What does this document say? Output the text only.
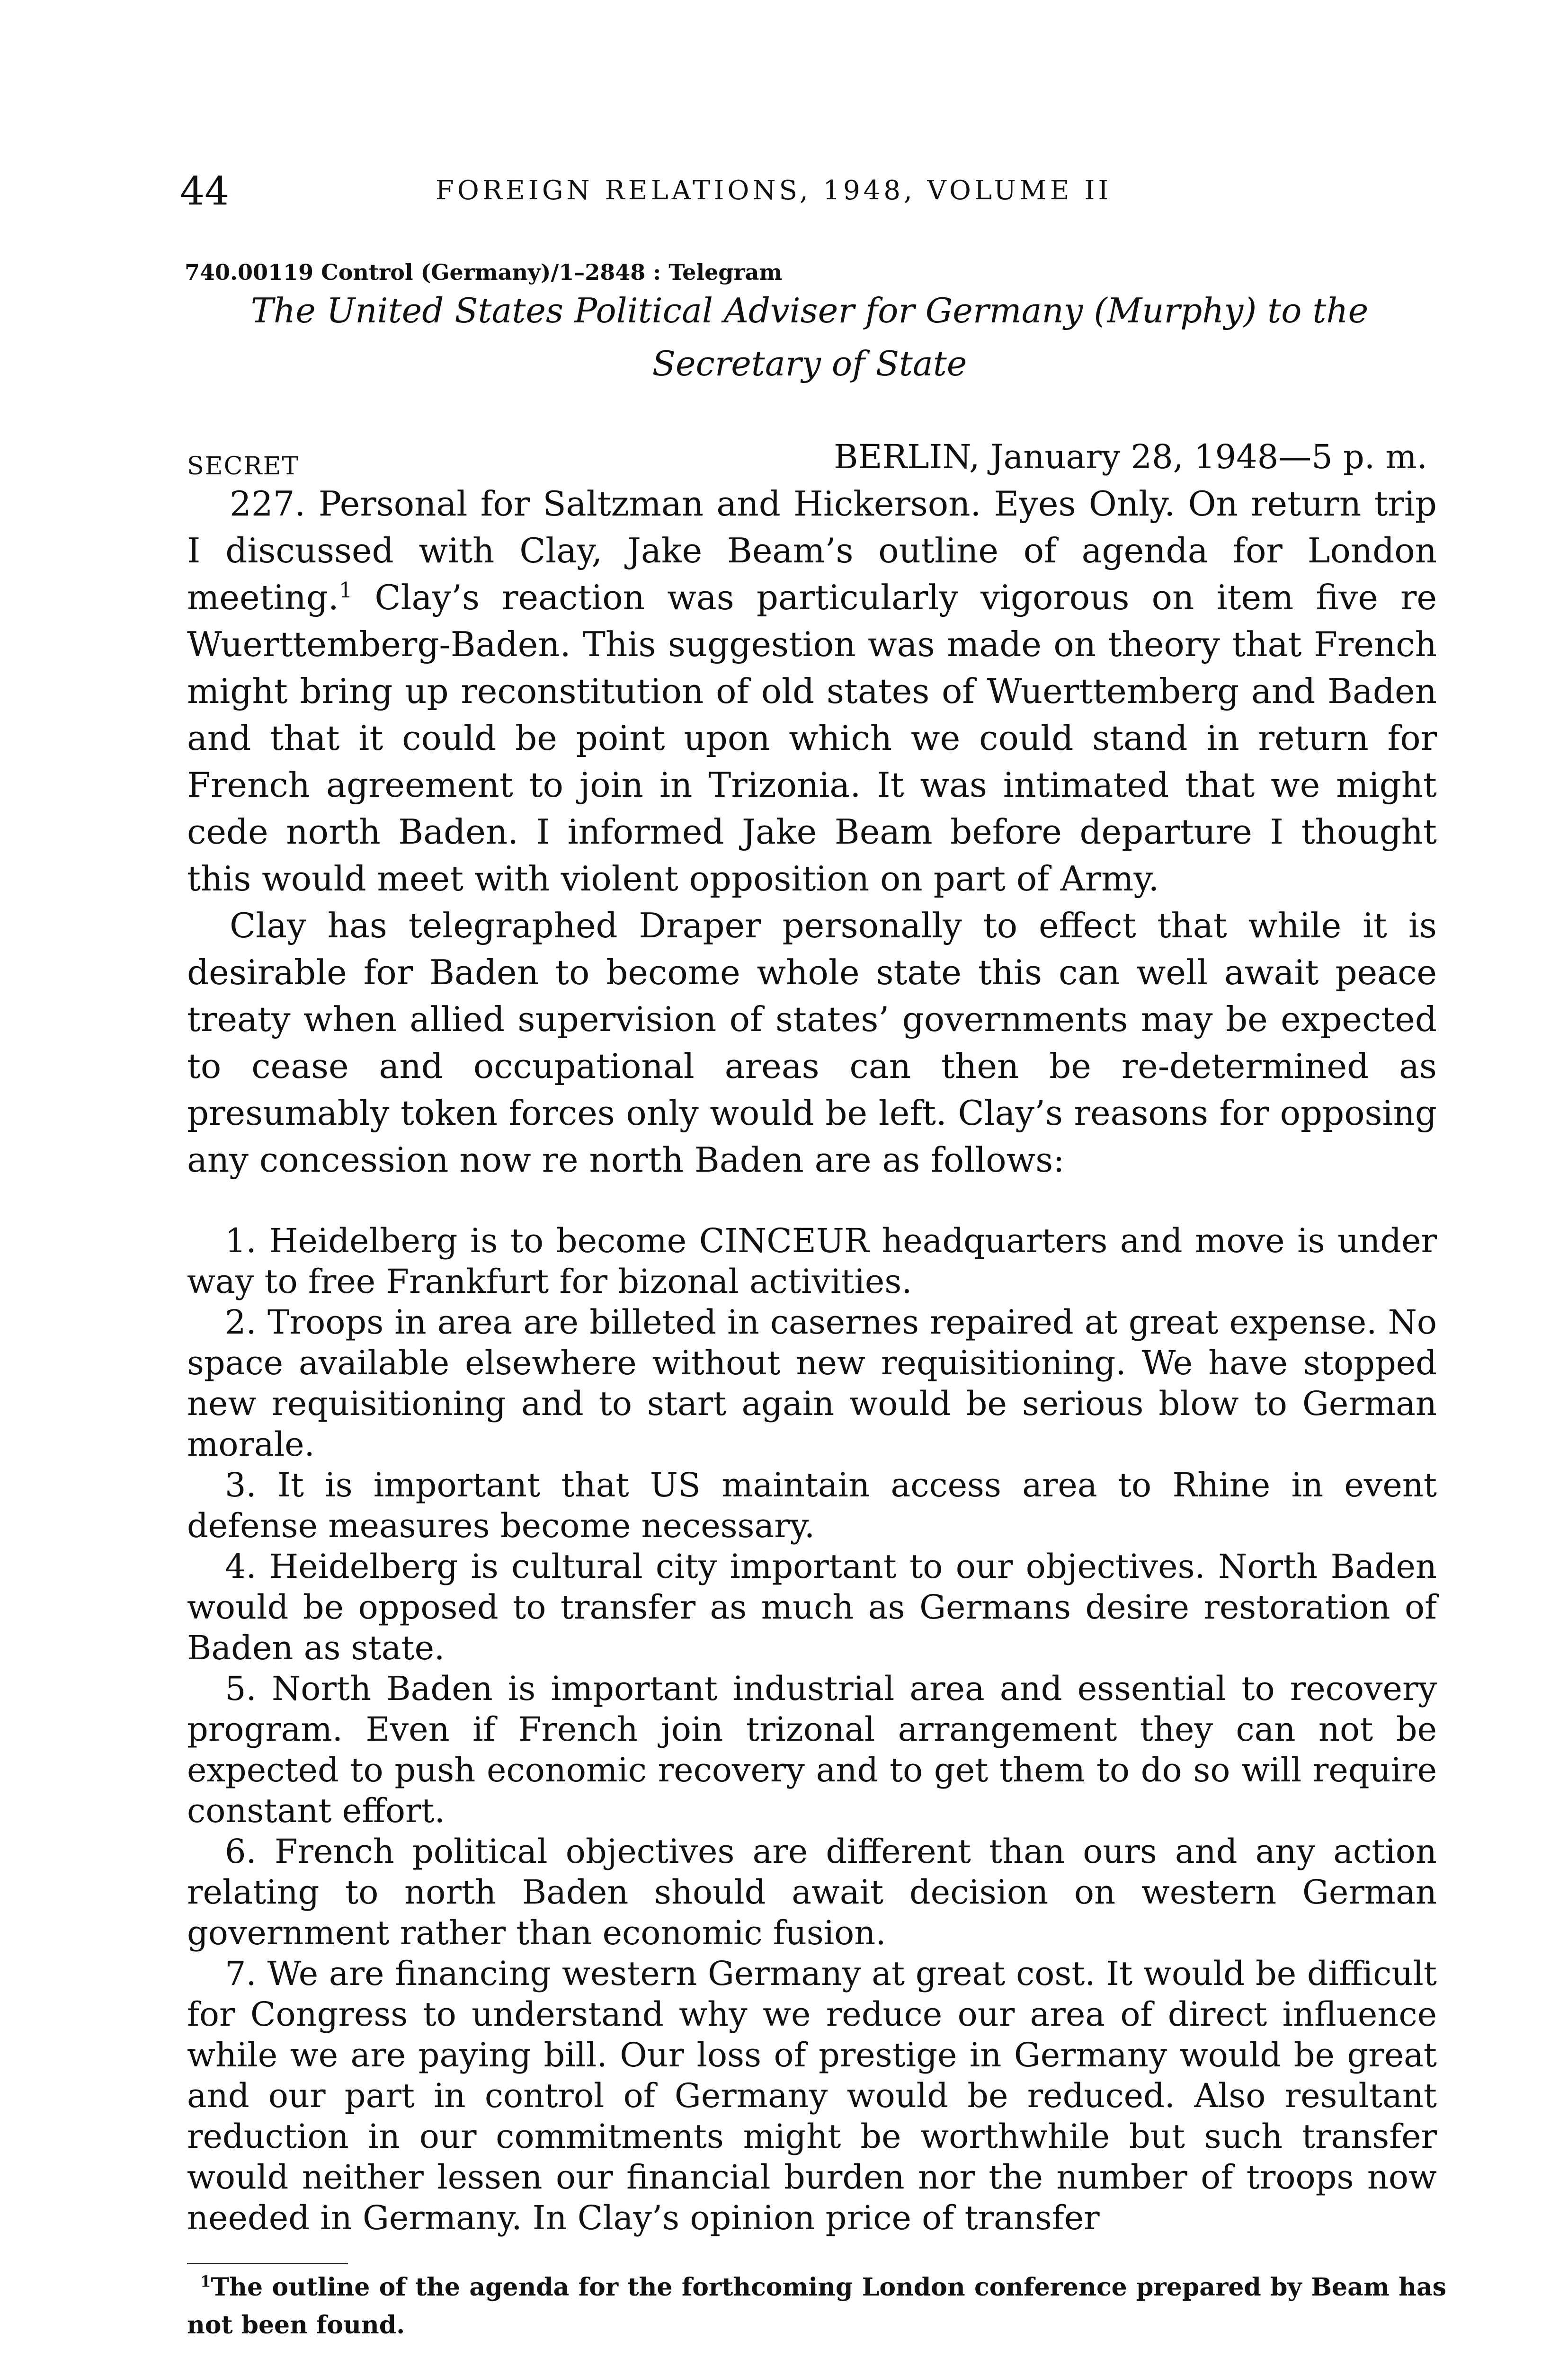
44	FOREIGN RELATIONS, 1948, VOLUME II
740.00119 Control (Germany)/1–2848 : Telegram
The United States Political Adviser for Germany (Murphy) to the
Secretary of State
SECRET	BERLIN, January 28, 1948—5 p. m.

227. Personal for Saltzman and Hickerson. Eyes Only. On return trip I discussed with Clay, Jake Beam’s outline of agenda for London meeting.$^1$ Clay’s reaction was particularly vigorous on item five re Wuerttemberg-Baden. This suggestion was made on theory that French might bring up reconstitution of old states of Wuerttemberg and Baden and that it could be point upon which we could stand in return for French agreement to join in Trizonia. It was intimated that we might cede north Baden. I informed Jake Beam before departure I thought this would meet with violent opposition on part of Army.

Clay has telegraphed Draper personally to effect that while it is desirable for Baden to become whole state this can well await peace treaty when allied supervision of states’ governments may be expected to cease and occupational areas can then be re-determined as presumably token forces only would be left. Clay’s reasons for opposing any concession now re north Baden are as follows:

1. Heidelberg is to become CINCEUR headquarters and move is under way to free Frankfurt for bizonal activities.

2. Troops in area are billeted in casernes repaired at great expense. No space available elsewhere without new requisitioning. We have stopped new requisitioning and to start again would be serious blow to German morale.

3. It is important that US maintain access area to Rhine in event defense measures become necessary.

4. Heidelberg is cultural city important to our objectives. North Baden would be opposed to transfer as much as Germans desire restoration of Baden as state.

5. North Baden is important industrial area and essential to recovery program. Even if French join trizonal arrangement they can not be expected to push economic recovery and to get them to do so will require constant effort.

6. French political objectives are different than ours and any action relating to north Baden should await decision on western German government rather than economic fusion.

7. We are financing western Germany at great cost. It would be difficult for Congress to understand why we reduce our area of direct influence while we are paying bill. Our loss of prestige in Germany would be great and our part in control of Germany would be reduced. Also resultant reduction in our commitments might be worthwhile but such transfer would neither lessen our financial burden nor the number of troops now needed in Germany. In Clay’s opinion price of transfer

$^1$The outline of the agenda for the forthcoming London conference prepared by Beam has not been found.
